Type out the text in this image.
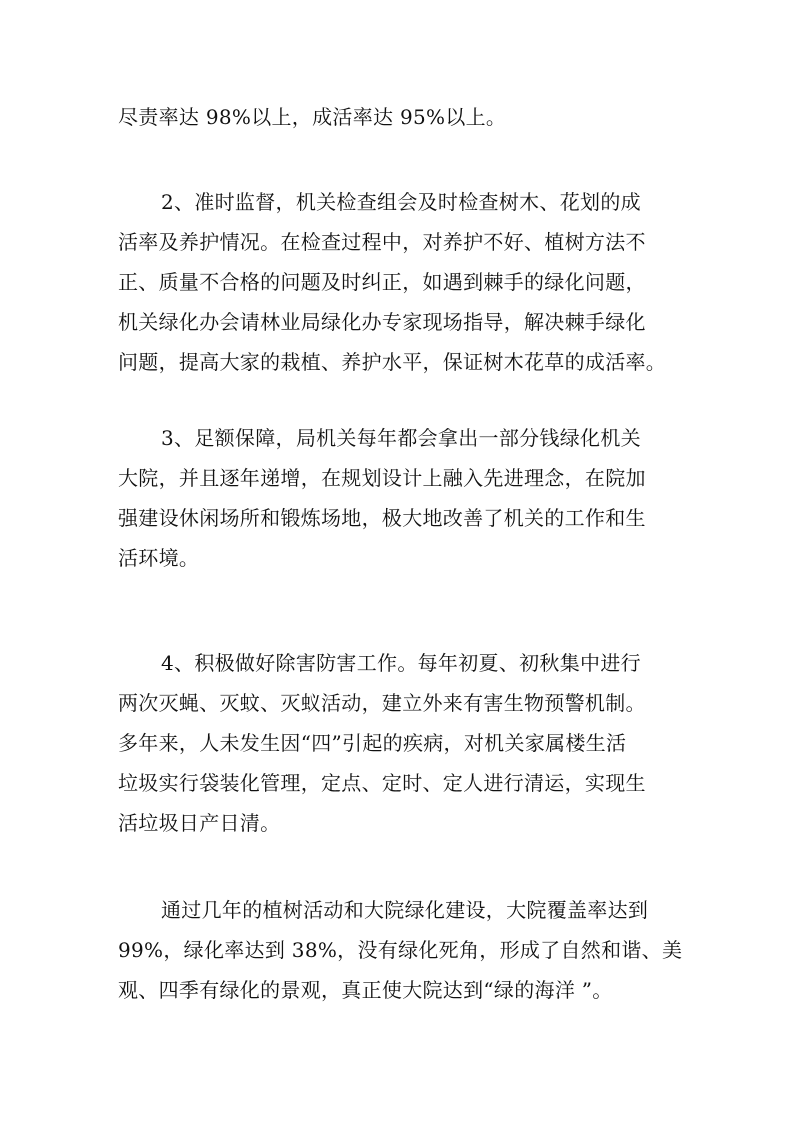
尽责率达 98%以上，成活率达 95%以上。

2、准时监督，机关检查组会及时检查树木、花划的成
活率及养护情况。在检查过程中，对养护不好、植树方法不
正、质量不合格的问题及时纠正，如遇到棘手的绿化问题，
机关绿化办会请林业局绿化办专家现场指导，解决棘手绿化
问题，提高大家的栽植、养护水平，保证树木花草的成活率。

3、足额保障，局机关每年都会拿出一部分钱绿化机关
大院，并且逐年递增，在规划设计上融入先进理念，在院加
强建设休闲场所和锻炼场地，极大地改善了机关的工作和生
活环境。

4、积极做好除害防害工作。每年初夏、初秋集中进行
两次灭蝇、灭蚊、灭蚁活动，建立外来有害生物预警机制。
多年来，人未发生因“四”引起的疾病，对机关家属楼生活
垃圾实行袋装化管理，定点、定时、定人进行清运，实现生
活垃圾日产日清。

通过几年的植树活动和大院绿化建设，大院覆盖率达到
99%，绿化率达到 38%，没有绿化死角，形成了自然和谐、美
观、四季有绿化的景观，真正使大院达到“绿的海洋 ”。
